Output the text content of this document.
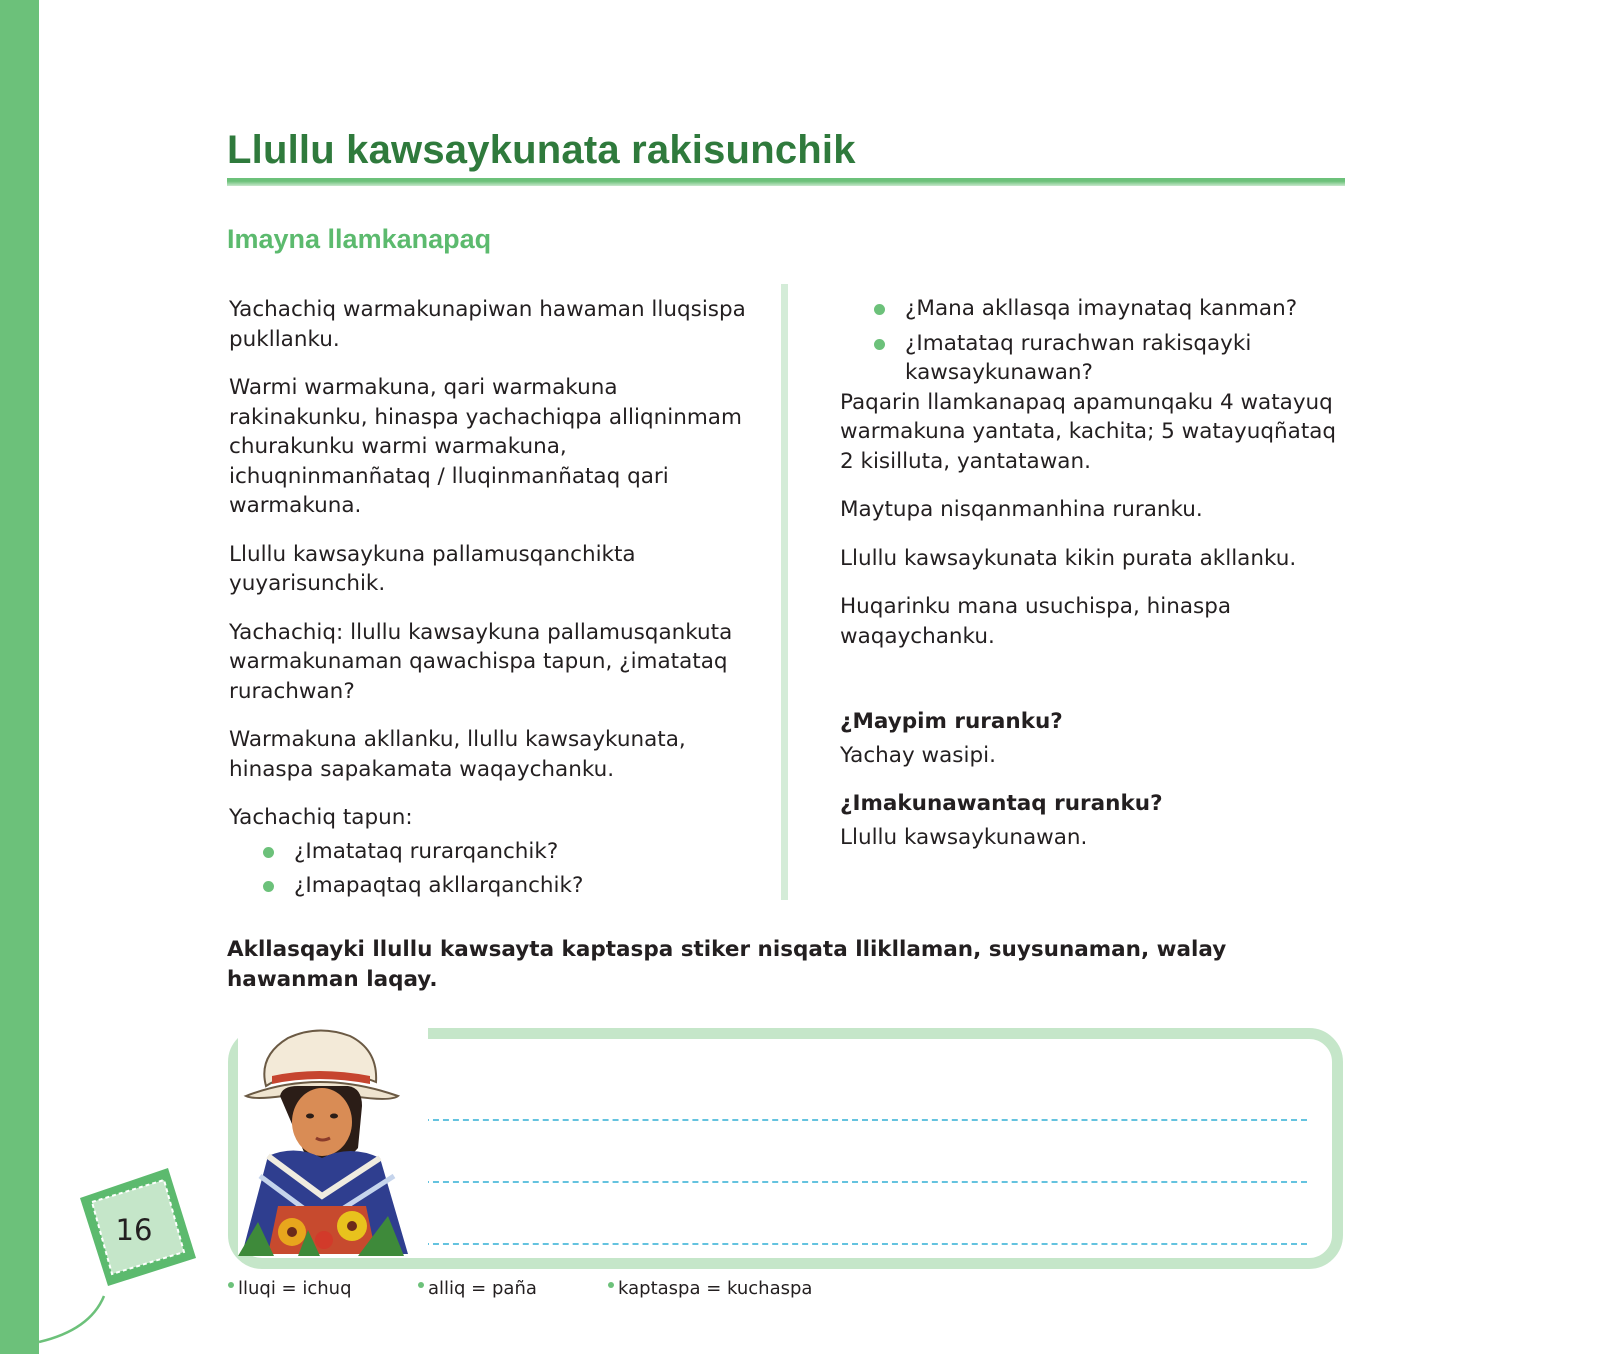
Llullu kawsaykunata rakisunchik
Imayna llamkanapaq

Yachachiq warmakunapiwan hawaman lluqsispa pukllanku.

Warmi warmakuna, qari warmakuna rakinakunku, hinaspa yachachiqpa alliqninmam churakunku warmi warmakuna, ichuqninmanñataq / lluqinmanñataq qari warmakuna.

Llullu kawsaykuna pallamusqanchikta yuyarisunchik.

Yachachiq: llullu kawsaykuna pallamusqankuta warmakunaman qawachispa tapun, ¿imatataq rurachwan?

Warmakuna akllanku, llullu kawsaykunata, hinaspa sapakamata waqaychanku.

Yachachiq tapun:

¿Imatataq rurarqanchik?
¿Imapaqtaq akllarqanchik?
¿Mana akllasqa imaynataq kanman?
¿Imatataq rurachwan rakisqayki kawsaykunawan?

Paqarin llamkanapaq apamunqaku 4 watayuq warmakuna yantata, kachita; 5 watayuqñataq 2 kisilluta, yantatawan.

Maytupa nisqanmanhina ruranku.

Llullu kawsaykunata kikin purata akllanku.

Huqarinku mana usuchispa, hinaspa waqaychanku.

¿Maypim ruranku?

Yachay wasipi.

¿Imakunawantaq ruranku?

Llullu kawsaykunawan.

Akllasqayki llullu kawsayta kaptaspa stiker nisqata llikllaman, suysunaman, walay hawanman laqay.

16
lluqi = ichuq	alliq = paña	kaptaspa = kuchaspa
